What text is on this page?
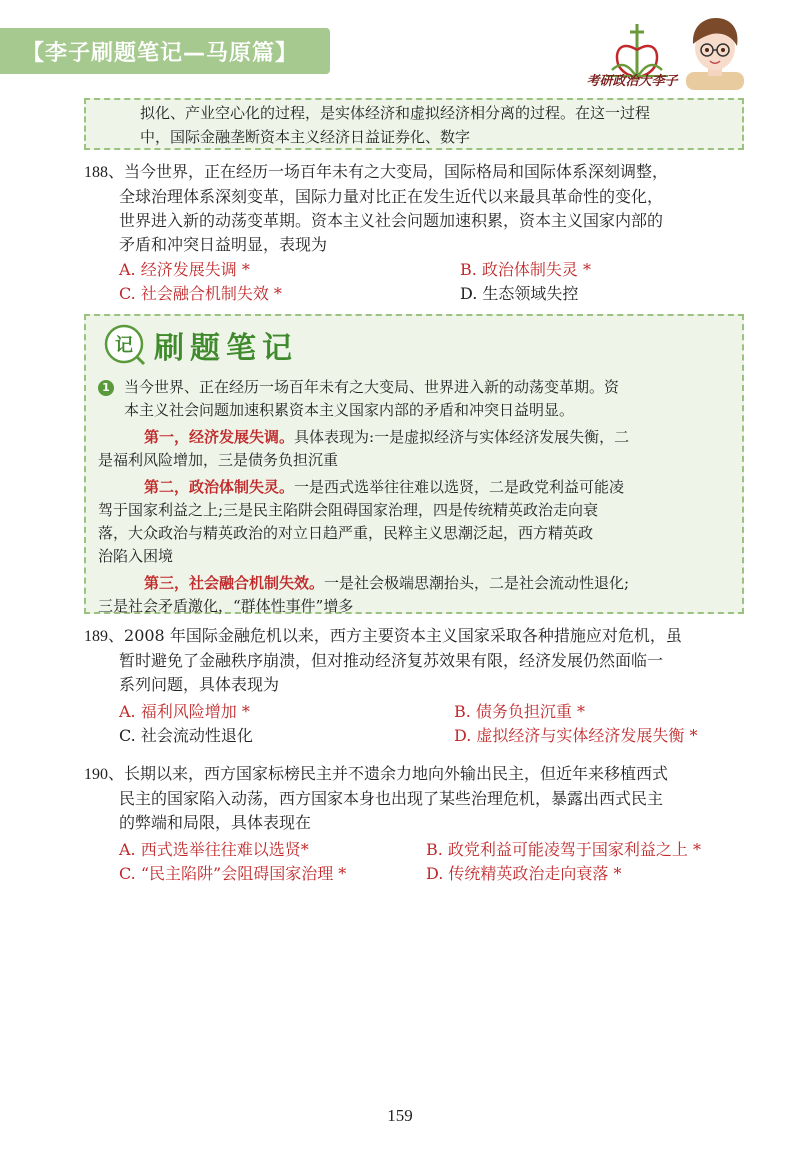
【李子刷题笔记—马原篇】
考研政治大李子

拟化、产业空心化的过程，是实体经济和虚拟经济相分离的过程。在这一过程

中，国际金融垄断资本主义经济日益证券化、数字

188、当今世界，正在经历一场百年未有之大变局，国际格局和国际体系深刻调整，

全球治理体系深刻变革，国际力量对比正在发生近代以来最具革命性的变化，

世界进入新的动荡变革期。资本主义社会问题加速积累，资本主义国家内部的

矛盾和冲突日益明显，表现为

A. 经济发展失调 *	B. 政治体制失灵 *
C. 社会融合机制失效 *	D. 生态领域失控
记 刷题笔记

1 当今世界、正在经历一场百年未有之大变局、世界进入新的动荡变革期。资

本主义社会问题加速积累资本主义国家内部的矛盾和冲突日益明显。

第一，经济发展失调。具体表现为:一是虚拟经济与实体经济发展失衡，二

是福利风险增加，三是债务负担沉重

第二，政治体制失灵。一是西式选举往往难以选贤，二是政党利益可能凌

驾于国家利益之上;三是民主陷阱会阻碍国家治理，四是传统精英政治走向衰

落，大众政治与精英政治的对立日趋严重，民粹主义思潮泛起，西方精英政

治陷入困境

第三，社会融合机制失效。一是社会极端思潮抬头，二是社会流动性退化;

三是社会矛盾激化，“群体性事件”增多

189、2008 年国际金融危机以来，西方主要资本主义国家采取各种措施应对危机，虽

暂时避免了金融秩序崩溃，但对推动经济复苏效果有限，经济发展仍然面临一

系列问题，具体表现为

A. 福利风险增加 *	B. 债务负担沉重 *
C. 社会流动性退化	D. 虚拟经济与实体经济发展失衡 *

190、长期以来，西方国家标榜民主并不遗余力地向外输出民主，但近年来移植西式

民主的国家陷入动荡，西方国家本身也出现了某些治理危机，暴露出西式民主

的弊端和局限，具体表现在

A. 西式选举往往难以选贤*	B. 政党利益可能凌驾于国家利益之上 *
C. “民主陷阱”会阻碍国家治理 *	D. 传统精英政治走向衰落 *
159
